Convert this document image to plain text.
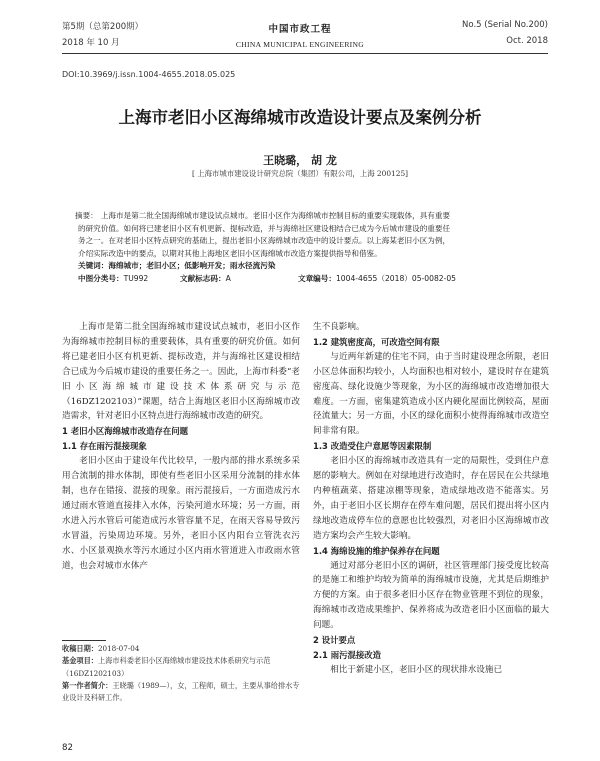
第5期（总第200期）
2018 年 10 月
中国市政工程
CHINA MUNICIPAL ENGINEERING
No.5 (Serial No.200)
Oct. 2018
DOI:10.3969/j.issn.1004-4655.2018.05.025
上海市老旧小区海绵城市改造设计要点及案例分析
王晓璐， 胡 龙
[ 上海市城市建设设计研究总院（集团）有限公司，上海 200125]
摘要： 上海市是第二批全国海绵城市建设试点城市。老旧小区作为海绵城市控制目标的重要实现载体，具有重要
的研究价值。如何将已建老旧小区有机更新、提标改造，并与海绵社区建设相结合已成为今后城市建设的重要任
务之一。在对老旧小区特点研究的基础上，提出老旧小区海绵城市改造中的设计要点。以上海某老旧小区为例，
介绍实际改造中的要点，以期对其他上海地区老旧小区海绵城市改造方案提供指导和借鉴。
关键词：海绵城市；老旧小区；低影响开发；雨水径流污染
中图分类号：TU992	文献标志码：A	文章编号：1004-4655（2018）05-0082-05

上海市是第二批全国海绵城市建设试点城市，老旧小区作为海绵城市控制目标的重要载体，具有重要的研究价值。如何将已建老旧小区有机更新、提标改造，并与海绵社区建设相结合已成为今后城市建设的重要任务之一。因此，上海市科委“老旧小区海绵城市建设技术体系研究与示范（16DZ1202103）”课题，结合上海地区老旧小区海绵城市改造需求，针对老旧小区特点进行海绵城市改造的研究。

1 老旧小区海绵城市改造存在问题
1.1 存在雨污混接现象

老旧小区由于建设年代比较早，一般内部的排水系统多采用合流制的排水体制，即使有些老旧小区采用分流制的排水体制，也存在错接、混接的现象。雨污混接后，一方面造成污水通过雨水管道直接排入水体，污染河道水环境；另一方面，雨水进入污水管后可能造成污水管容量不足，在雨天容易导致污水冒溢，污染周边环境。另外，老旧小区内阳台立管洗衣污水、小区景观换水等污水通过小区内雨水管道进入市政雨水管道，也会对城市水体产

生不良影响。

1.2 建筑密度高，可改造空间有限

与近两年新建的住宅不同，由于当时建设理念所限，老旧小区总体面积均较小，人均面积也相对较小，建设时存在建筑密度高、绿化设施少等现象，为小区的海绵城市改造增加很大难度。一方面，密集建筑造成小区内硬化屋面比例较高，屋面径流量大；另一方面，小区的绿化面积小使得海绵城市改造空间非常有限。

1.3 改造受住户意愿等因素限制

老旧小区的海绵城市改造具有一定的局限性，受到住户意愿的影响大。例如在对绿地进行改造时，存在居民在公共绿地内种植蔬菜、搭建凉棚等现象，造成绿地改造不能落实。另外，由于老旧小区长期存在停车难问题，居民们提出将小区内绿地改造成停车位的意愿也比较强烈，对老旧小区海绵城市改造方案均会产生较大影响。

1.4 海绵设施的维护保养存在问题

通过对部分老旧小区的调研，社区管理部门接受度比较高的是施工和维护均较为简单的海绵城市设施，尤其是后期维护方便的方案。由于很多老旧小区存在物业管理不到位的现象，海绵城市改造成果维护、保养将成为改造老旧小区面临的最大问题。

2 设计要点
2.1 雨污混接改造

相比于新建小区，老旧小区的现状排水设施已

收稿日期：2018-07-04
基金项目：上海市科委老旧小区海绵城市建设技术体系研究与示范（16DZ1202103）
第一作者简介：王晓璐（1989—），女，工程师，硕士，主要从事给排水专业设计及科研工作。
82
